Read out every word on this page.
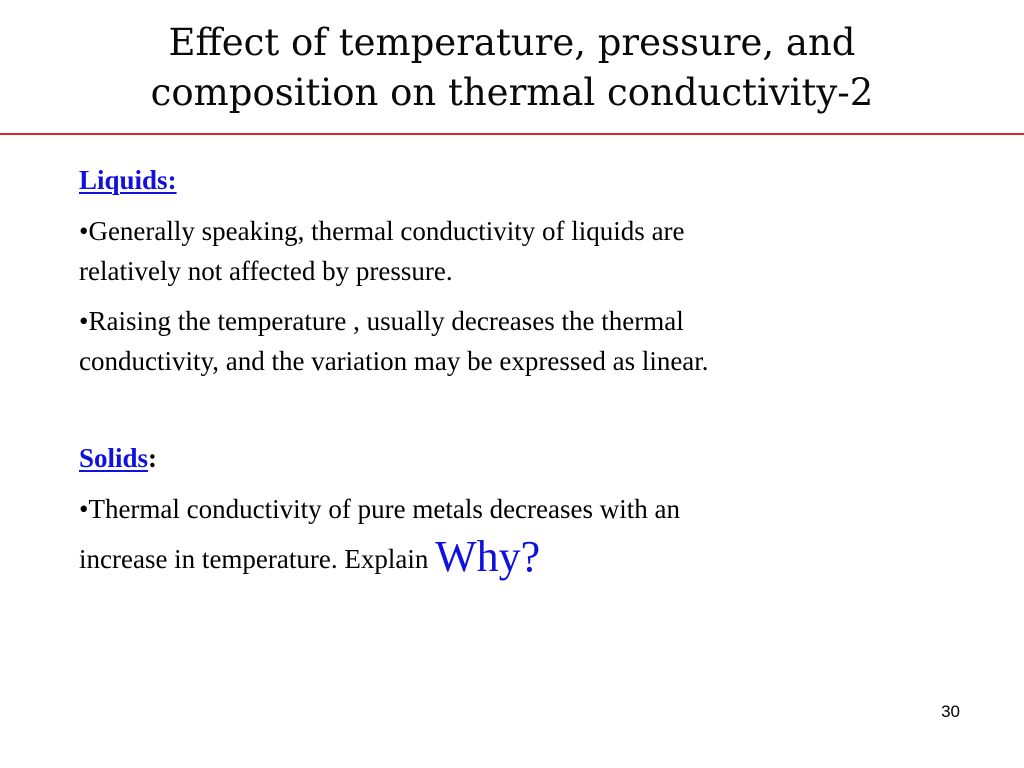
Effect of temperature, pressure, and
composition on thermal conductivity-2
Liquids:
•Generally speaking, thermal conductivity of liquids are
relatively not affected by pressure.
•Raising the temperature , usually decreases the thermal
conductivity, and the variation may be expressed as linear.
Solids:
•Thermal conductivity of pure metals decreases with an
increase in temperature. Explain Why?
30
